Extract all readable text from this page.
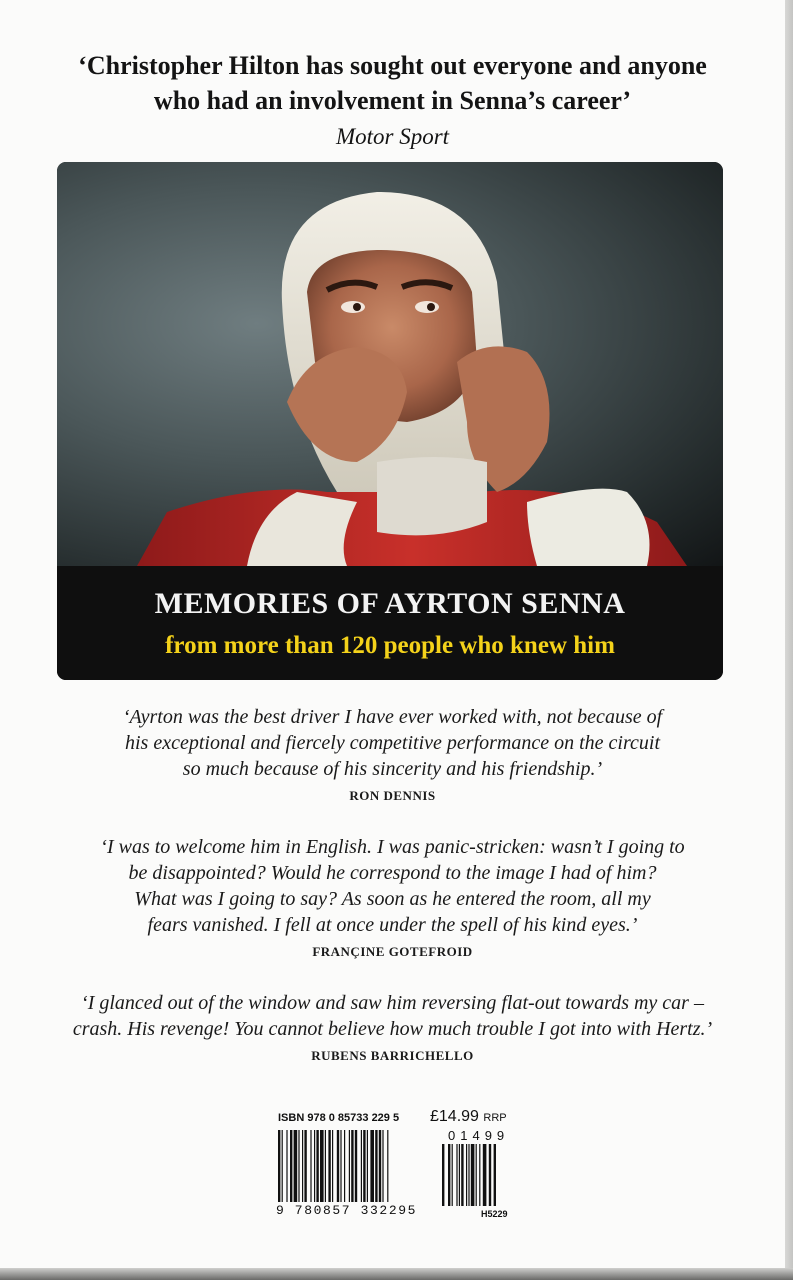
‘Christopher Hilton has sought out everyone and anyone
who had an involvement in Senna’s career’
Motor Sport
MEMORIES OF AYRTON SENNA
from more than 120 people who knew him
‘Ayrton was the best driver I have ever worked with, not because of
his exceptional and fiercely competitive performance on the circuit
so much because of his sincerity and his friendship.’
RON DENNIS
‘I was to welcome him in English. I was panic-stricken: wasn’t I going to
be disappointed? Would he correspond to the image I had of him?
What was I going to say? As soon as he entered the room, all my
fears vanished. I fell at once under the spell of his kind eyes.’
FRANÇINE GOTEFROID
‘I glanced out of the window and saw him reversing flat-out towards my car –
crash. His revenge! You cannot believe how much trouble I got into with Hertz.’
RUBENS BARRICHELLO
ISBN 978 0 85733 229 5 £14.99 RRP
01499
9 780857 332295	H5229
